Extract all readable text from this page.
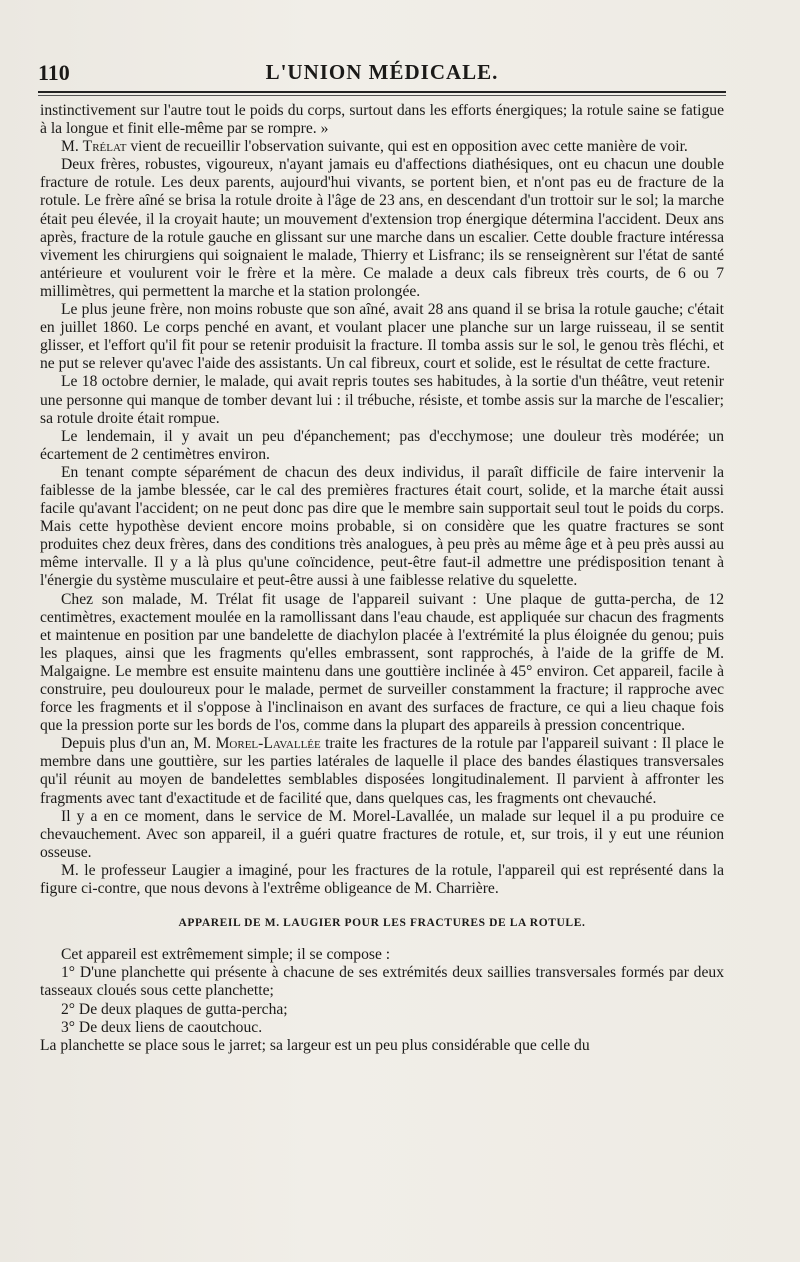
110	L'UNION MÉDICALE.

instinctivement sur l'autre tout le poids du corps, surtout dans les efforts énergiques; la rotule saine se fatigue à la longue et finit elle-même par se rompre. »

M. Trélat vient de recueillir l'observation suivante, qui est en opposition avec cette manière de voir.

Deux frères, robustes, vigoureux, n'ayant jamais eu d'affections diathésiques, ont eu chacun une double fracture de rotule. Les deux parents, aujourd'hui vivants, se portent bien, et n'ont pas eu de fracture de la rotule. Le frère aîné se brisa la rotule droite à l'âge de 23 ans, en descendant d'un trottoir sur le sol; la marche était peu élevée, il la croyait haute; un mouvement d'extension trop énergique détermina l'accident. Deux ans après, fracture de la rotule gauche en glissant sur une marche dans un escalier. Cette double fracture intéressa vivement les chirurgiens qui soignaient le malade, Thierry et Lisfranc; ils se renseignèrent sur l'état de santé antérieure et voulurent voir le frère et la mère. Ce malade a deux cals fibreux très courts, de 6 ou 7 millimètres, qui permettent la marche et la station prolongée.

Le plus jeune frère, non moins robuste que son aîné, avait 28 ans quand il se brisa la rotule gauche; c'était en juillet 1860. Le corps penché en avant, et voulant placer une planche sur un large ruisseau, il se sentit glisser, et l'effort qu'il fit pour se retenir produisit la fracture. Il tomba assis sur le sol, le genou très fléchi, et ne put se relever qu'avec l'aide des assistants. Un cal fibreux, court et solide, est le résultat de cette fracture.

Le 18 octobre dernier, le malade, qui avait repris toutes ses habitudes, à la sortie d'un théâtre, veut retenir une personne qui manque de tomber devant lui : il trébuche, résiste, et tombe assis sur la marche de l'escalier; sa rotule droite était rompue.

Le lendemain, il y avait un peu d'épanchement; pas d'ecchymose; une douleur très modérée; un écartement de 2 centimètres environ.

En tenant compte séparément de chacun des deux individus, il paraît difficile de faire intervenir la faiblesse de la jambe blessée, car le cal des premières fractures était court, solide, et la marche était aussi facile qu'avant l'accident; on ne peut donc pas dire que le membre sain supportait seul tout le poids du corps. Mais cette hypothèse devient encore moins probable, si on considère que les quatre fractures se sont produites chez deux frères, dans des conditions très analogues, à peu près au même âge et à peu près aussi au même intervalle. Il y a là plus qu'une coïncidence, peut-être faut-il admettre une prédisposition tenant à l'énergie du système musculaire et peut-être aussi à une faiblesse relative du squelette.

Chez son malade, M. Trélat fit usage de l'appareil suivant : Une plaque de gutta-percha, de 12 centimètres, exactement moulée en la ramollissant dans l'eau chaude, est appliquée sur chacun des fragments et maintenue en position par une bandelette de diachylon placée à l'extrémité la plus éloignée du genou; puis les plaques, ainsi que les fragments qu'elles embrassent, sont rapprochés, à l'aide de la griffe de M. Malgaigne. Le membre est ensuite maintenu dans une gouttière inclinée à 45° environ. Cet appareil, facile à construire, peu douloureux pour le malade, permet de surveiller constamment la fracture; il rapproche avec force les fragments et il s'oppose à l'inclinaison en avant des surfaces de fracture, ce qui a lieu chaque fois que la pression porte sur les bords de l'os, comme dans la plupart des appareils à pression concentrique.

Depuis plus d'un an, M. Morel-Lavallée traite les fractures de la rotule par l'appareil suivant : Il place le membre dans une gouttière, sur les parties latérales de laquelle il place des bandes élastiques transversales qu'il réunit au moyen de bandelettes semblables disposées longitudinalement. Il parvient à affronter les fragments avec tant d'exactitude et de facilité que, dans quelques cas, les fragments ont chevauché.

Il y a en ce moment, dans le service de M. Morel-Lavallée, un malade sur lequel il a pu produire ce chevauchement. Avec son appareil, il a guéri quatre fractures de rotule, et, sur trois, il y eut une réunion osseuse.

M. le professeur Laugier a imaginé, pour les fractures de la rotule, l'appareil qui est représenté dans la figure ci-contre, que nous devons à l'extrême obligeance de M. Charrière.

APPAREIL DE M. LAUGIER POUR LES FRACTURES DE LA ROTULE.

Cet appareil est extrêmement simple; il se compose :

1° D'une planchette qui présente à chacune de ses extrémités deux saillies transversales formés par deux tasseaux cloués sous cette planchette;

2° De deux plaques de gutta-percha;

3° De deux liens de caoutchouc.

La planchette se place sous le jarret; sa largeur est un peu plus considérable que celle du
